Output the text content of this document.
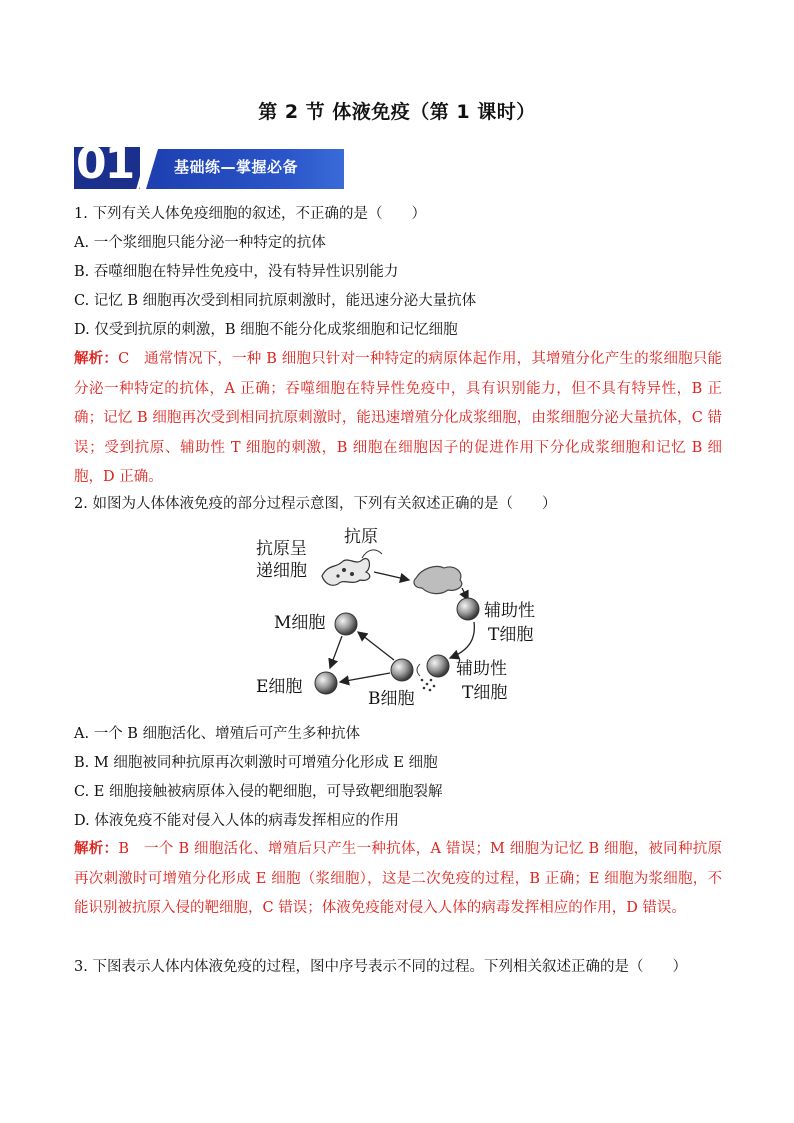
第 2 节 体液免疫（第 1 课时）
01	基础练—掌握必备
1. 下列有关人体免疫细胞的叙述，不正确的是（　　）
A. 一个浆细胞只能分泌一种特定的抗体
B. 吞噬细胞在特异性免疫中，没有特异性识别能力
C. 记忆 B 细胞再次受到相同抗原刺激时，能迅速分泌大量抗体
D. 仅受到抗原的刺激，B 细胞不能分化成浆细胞和记忆细胞
解析：C　通常情况下，一种 B 细胞只针对一种特定的病原体起作用，其增殖分化产生的浆细胞只能分泌一种特定的抗体，A 正确；吞噬细胞在特异性免疫中，具有识别能力，但不具有特异性，B 正确；记忆 B 细胞再次受到相同抗原刺激时，能迅速增殖分化成浆细胞，由浆细胞分泌大量抗体，C 错误；受到抗原、辅助性 T 细胞的刺激，B 细胞在细胞因子的促进作用下分化成浆细胞和记忆 B 细胞，D 正确。
2. 如图为人体体液免疫的部分过程示意图，下列有关叙述正确的是（　　）
抗原呈
递细胞
抗原
辅助性
T细胞
辅助性
T细胞
M细胞
E细胞
B细胞
A. 一个 B 细胞活化、增殖后可产生多种抗体
B. M 细胞被同种抗原再次刺激时可增殖分化形成 E 细胞
C. E 细胞接触被病原体入侵的靶细胞，可导致靶细胞裂解
D. 体液免疫不能对侵入人体的病毒发挥相应的作用
解析：B　一个 B 细胞活化、增殖后只产生一种抗体，A 错误；M 细胞为记忆 B 细胞，被同种抗原再次刺激时可增殖分化形成 E 细胞（浆细胞），这是二次免疫的过程，B 正确；E 细胞为浆细胞，不能识别被抗原入侵的靶细胞，C 错误；体液免疫能对侵入人体的病毒发挥相应的作用，D 错误。
3. 下图表示人体内体液免疫的过程，图中序号表示不同的过程。下列相关叙述正确的是（　　）
